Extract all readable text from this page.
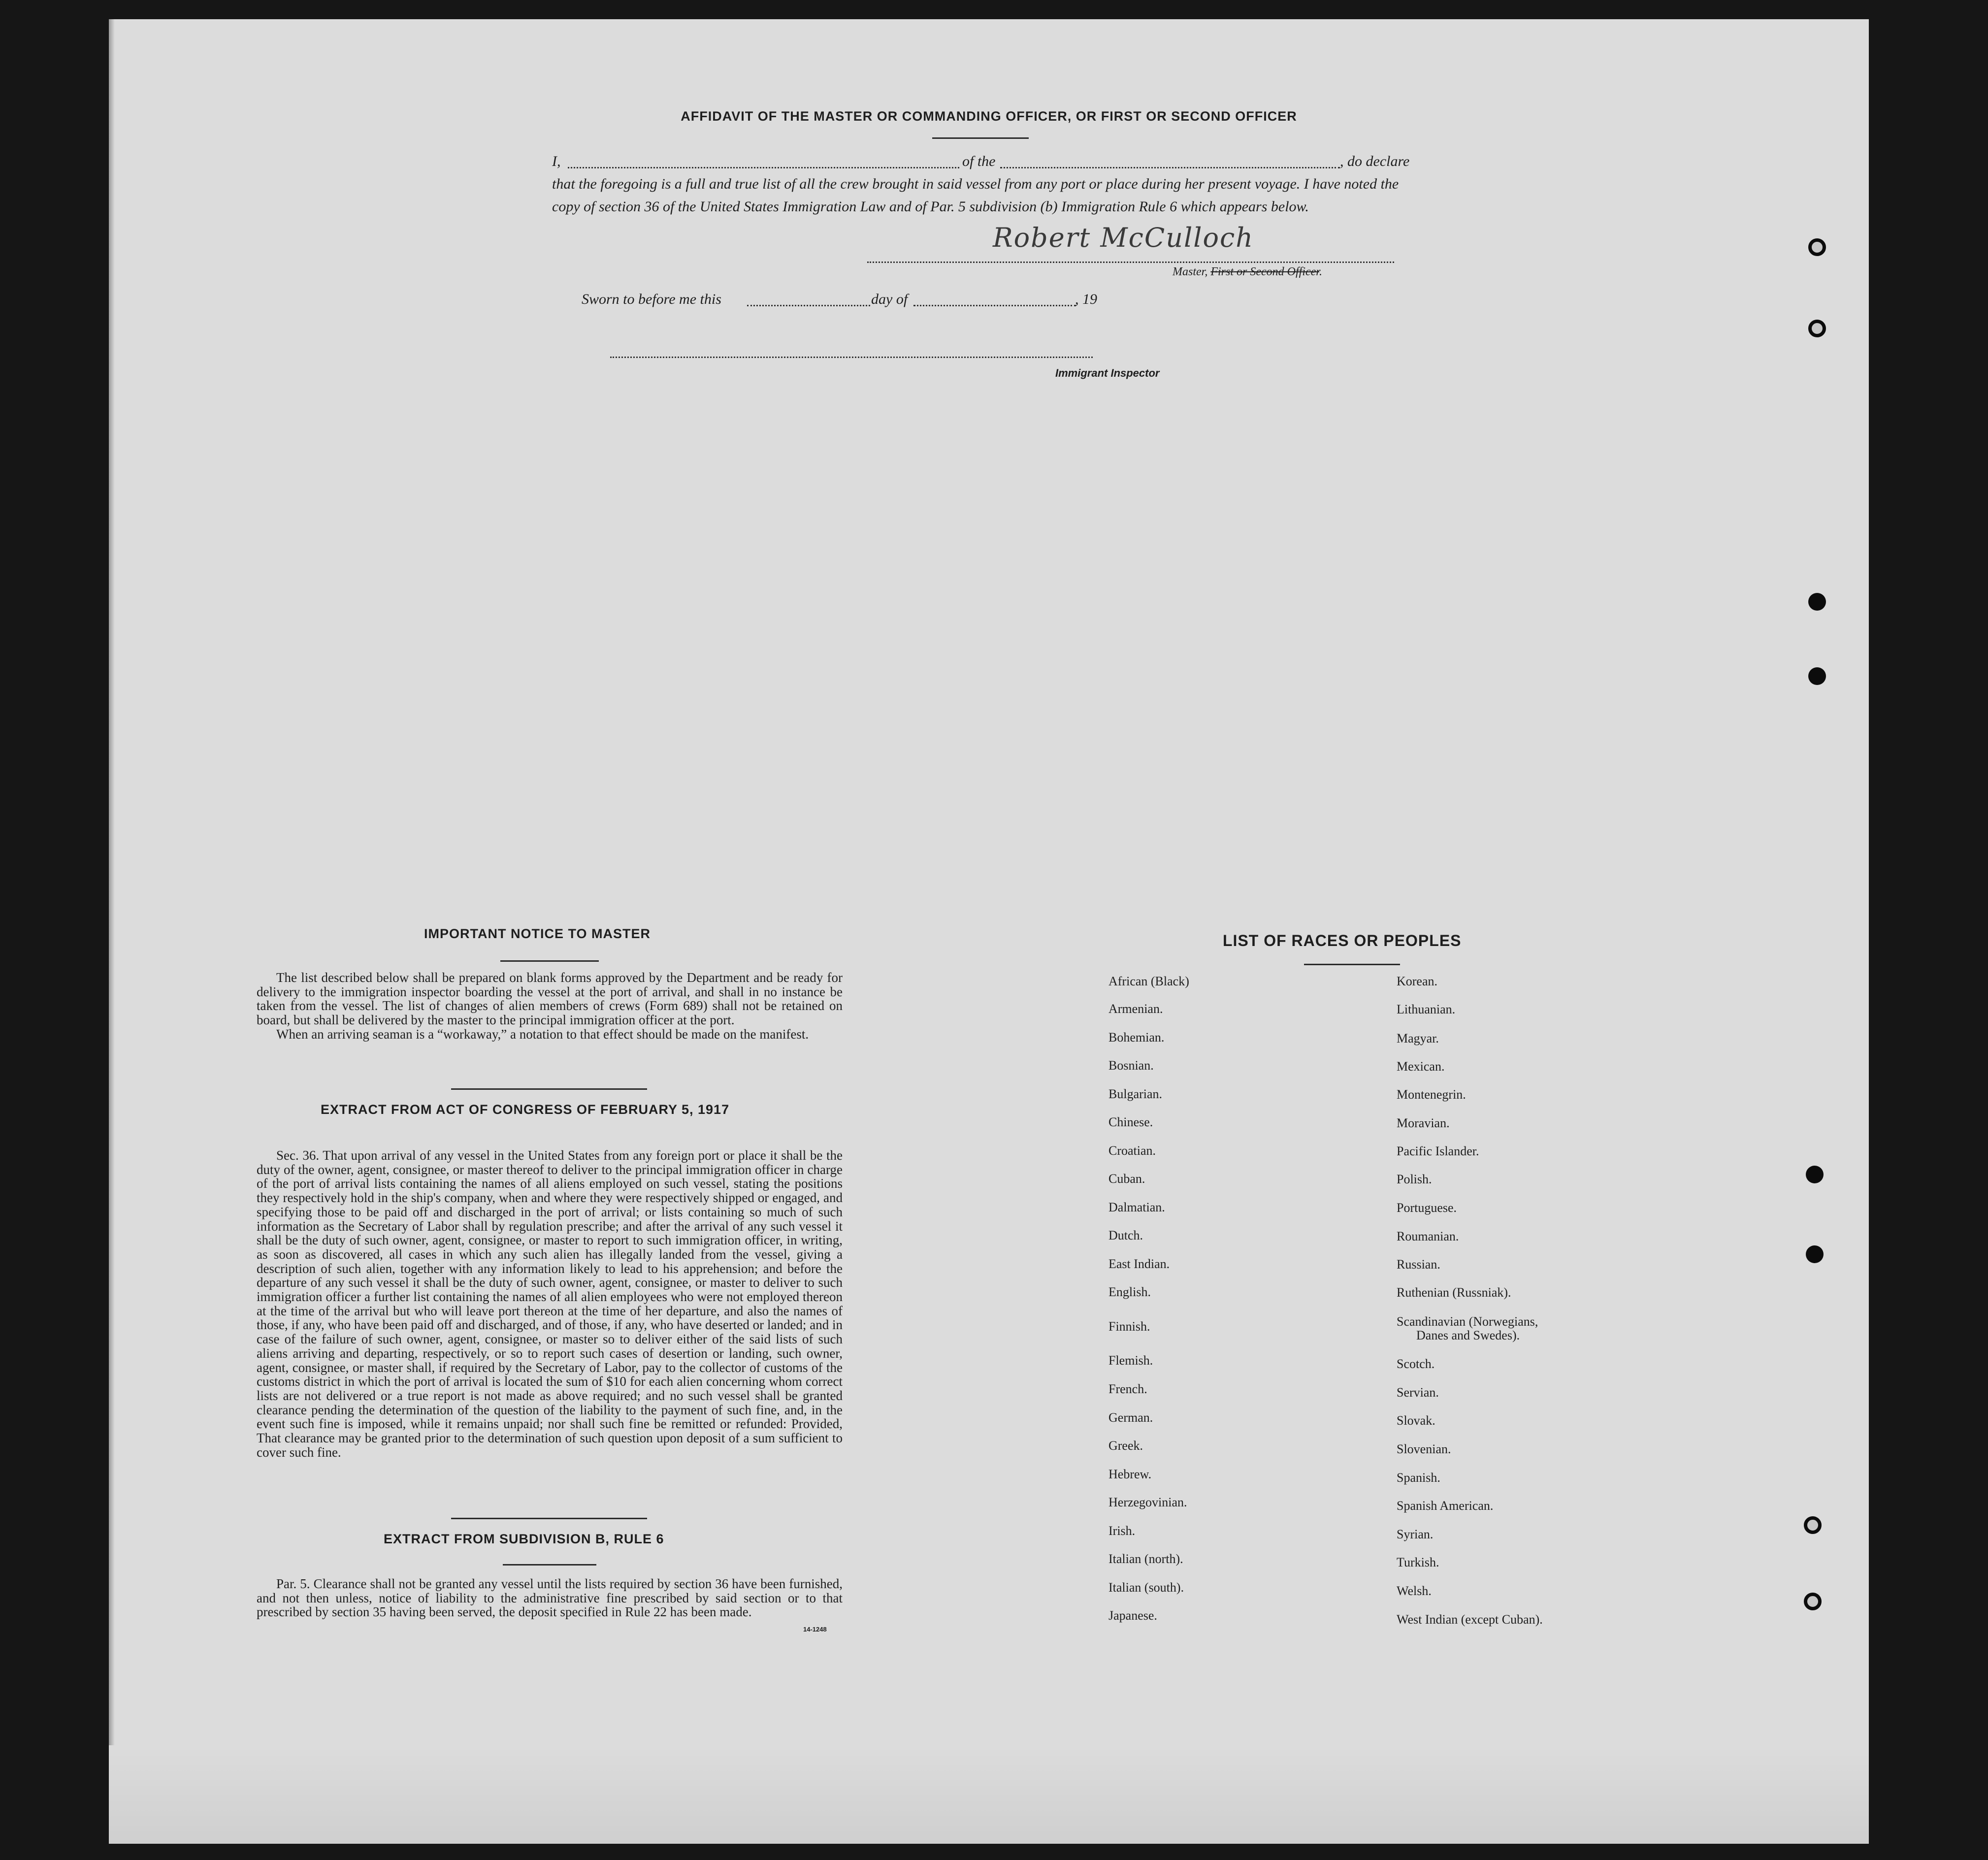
AFFIDAVIT OF THE MASTER OR COMMANDING OFFICER, OR FIRST OR SECOND OFFICER
I,	of the	, do declare
that the foregoing is a full and true list of all the crew brought in said vessel from any port or place during her present voyage. I have noted the
copy of section 36 of the United States Immigration Law and of Par. 5 subdivision (b) Immigration Rule 6 which appears below.
Robert McCulloch
Master, First or Second Officer.
Sworn to before me this	day of	, 19
Immigrant Inspector
IMPORTANT NOTICE TO MASTER

The list described below shall be prepared on blank forms approved by the Department and be ready for delivery to the immigration inspector boarding the vessel at the port of arrival, and shall in no instance be taken from the vessel. The list of changes of alien members of crews (Form 689) shall not be retained on board, but shall be delivered by the master to the principal immigration officer at the port.

When an arriving seaman is a “workaway,” a notation to that effect should be made on the manifest.

EXTRACT FROM ACT OF CONGRESS OF FEBRUARY 5, 1917

Sec. 36. That upon arrival of any vessel in the United States from any foreign port or place it shall be the duty of the owner, agent, consignee, or master thereof to deliver to the principal immigration officer in charge of the port of arrival lists containing the names of all aliens employed on such vessel, stating the positions they respectively hold in the ship's company, when and where they were respectively shipped or engaged, and specifying those to be paid off and discharged in the port of arrival; or lists containing so much of such information as the Secretary of Labor shall by regulation prescribe; and after the arrival of any such vessel it shall be the duty of such owner, agent, consignee, or master to report to such immigration officer, in writing, as soon as discovered, all cases in which any such alien has illegally landed from the vessel, giving a description of such alien, together with any information likely to lead to his apprehension; and before the departure of any such vessel it shall be the duty of such owner, agent, consignee, or master to deliver to such immigration officer a further list containing the names of all alien employees who were not employed thereon at the time of the arrival but who will leave port thereon at the time of her departure, and also the names of those, if any, who have been paid off and discharged, and of those, if any, who have deserted or landed; and in case of the failure of such owner, agent, consignee, or master so to deliver either of the said lists of such aliens arriving and departing, respectively, or so to report such cases of desertion or landing, such owner, agent, consignee, or master shall, if required by the Secretary of Labor, pay to the collector of customs of the customs district in which the port of arrival is located the sum of $10 for each alien concerning whom correct lists are not delivered or a true report is not made as above required; and no such vessel shall be granted clearance pending the determination of the question of the liability to the payment of such fine, and, in the event such fine is imposed, while it remains unpaid; nor shall such fine be remitted or refunded: Provided, That clearance may be granted prior to the determination of such question upon deposit of a sum sufficient to cover such fine.

EXTRACT FROM SUBDIVISION B, RULE 6

Par. 5. Clearance shall not be granted any vessel until the lists required by section 36 have been furnished, and not then unless, notice of liability to the administrative fine prescribed by said section or to that prescribed by section 35 having been served, the deposit specified in Rule 22 has been made.

14-1248
LIST OF RACES OR PEOPLES
African (Black)
Armenian.
Bohemian.
Bosnian.
Bulgarian.
Chinese.
Croatian.
Cuban.
Dalmatian.
Dutch.
East Indian.
English.
Finnish.
Flemish.
French.
German.
Greek.
Hebrew.
Herzegovinian.
Irish.
Italian (north).
Italian (south).
Japanese.
Korean.
Lithuanian.
Magyar.
Mexican.
Montenegrin.
Moravian.
Pacific Islander.
Polish.
Portuguese.
Roumanian.
Russian.
Ruthenian (Russniak).
Scandinavian (Norwegians,
Danes and Swedes).
Scotch.
Servian.
Slovak.
Slovenian.
Spanish.
Spanish American.
Syrian.
Turkish.
Welsh.
West Indian (except Cuban).
